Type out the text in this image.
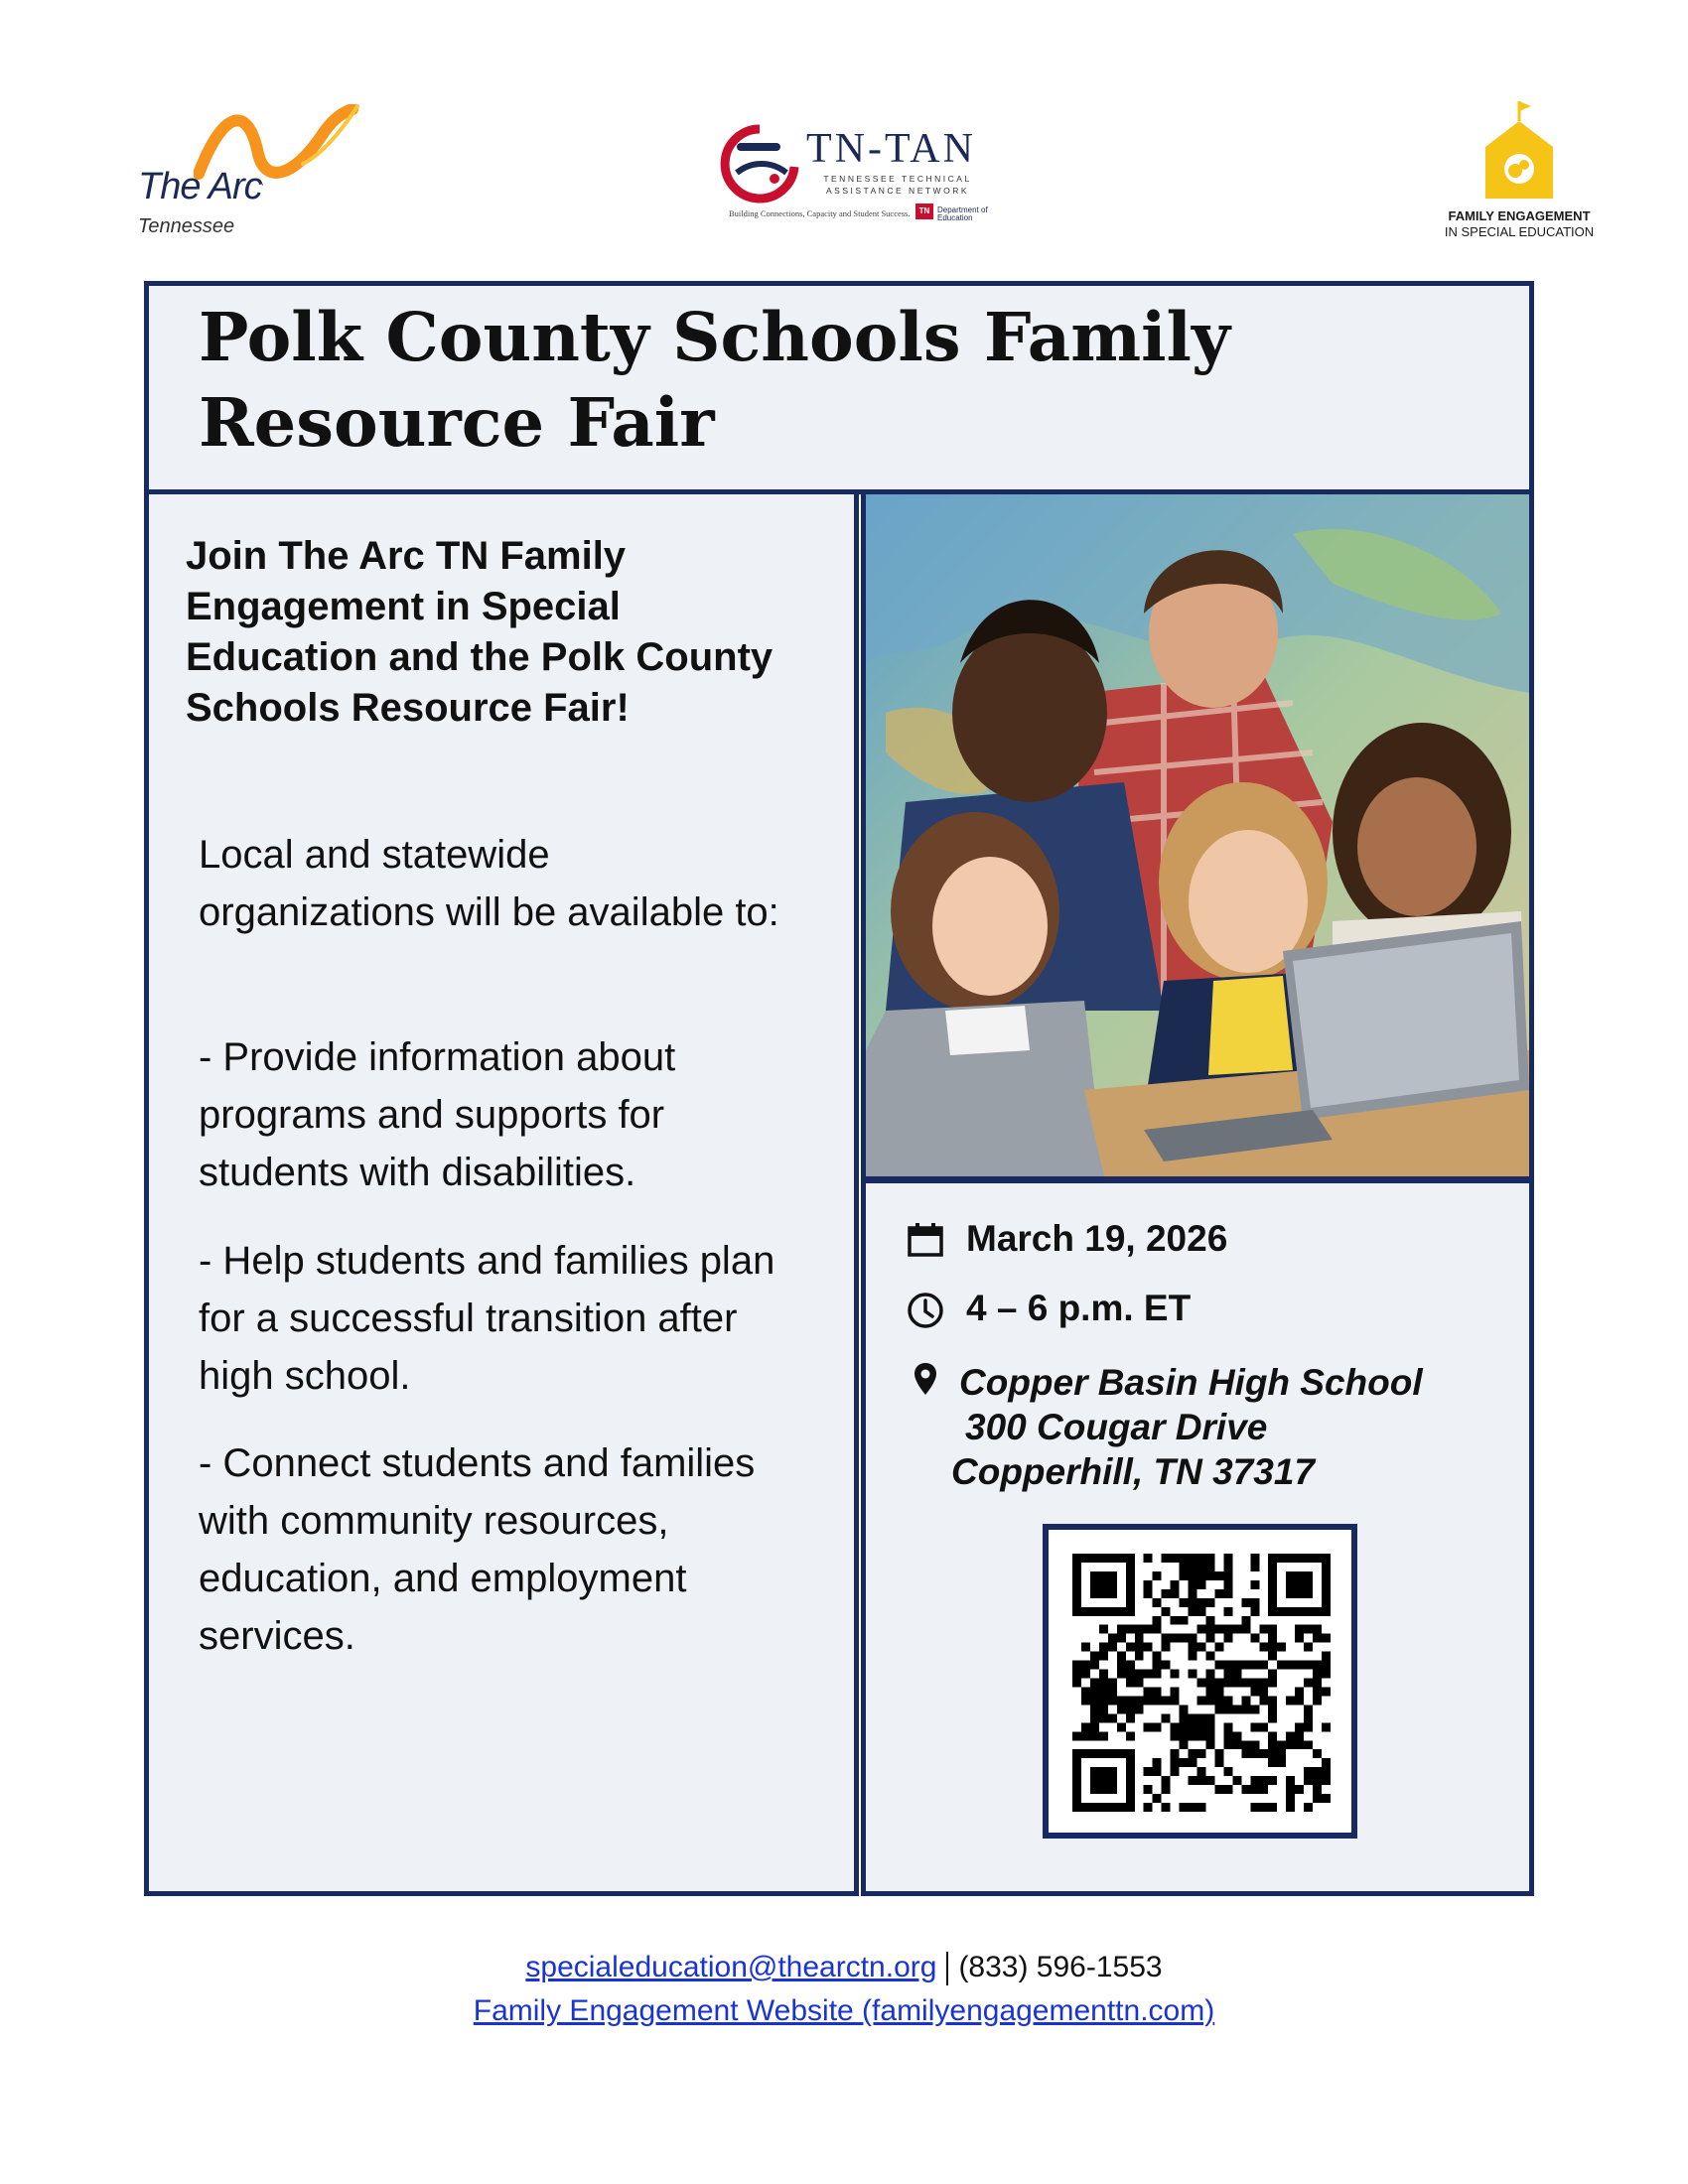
The Arc.
Tennessee
TN-TAN
TENNESSEE TECHNICAL ASSISTANCE NETWORK
Building Connections, Capacity and Student Success.	TN Department of Education	FAMILY ENGAGEMENT
IN SPECIAL EDUCATION
Polk County Schools Family Resource Fair
Join The Arc TN Family Engagement in Special Education and the Polk County Schools Resource Fair!
Local and statewide organizations will be available to:
- Provide information about programs and supports for students with disabilities.
- Help students and families plan for a successful transition after high school.
- Connect students and families with community resources, education, and employment services.
March 19, 2026
4 – 6 p.m. ET
Copper Basin High School
300 Cougar Drive
Copperhill, TN 37317
specialeducation@thearctn.org (833) 596-1553
Family Engagement Website (familyengagementtn.com)
